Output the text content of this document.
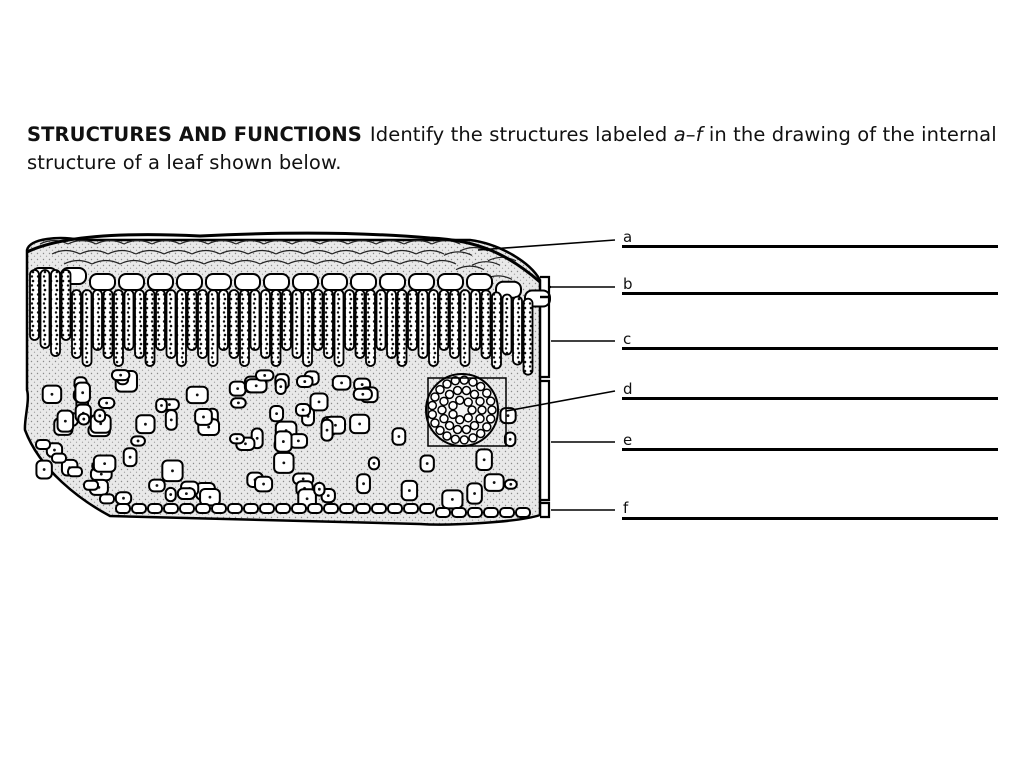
STRUCTURES AND FUNCTIONS Identify the structures labeled a–f in the drawing of the internal structure of a leaf shown below.
a
b
c
d
e
f
